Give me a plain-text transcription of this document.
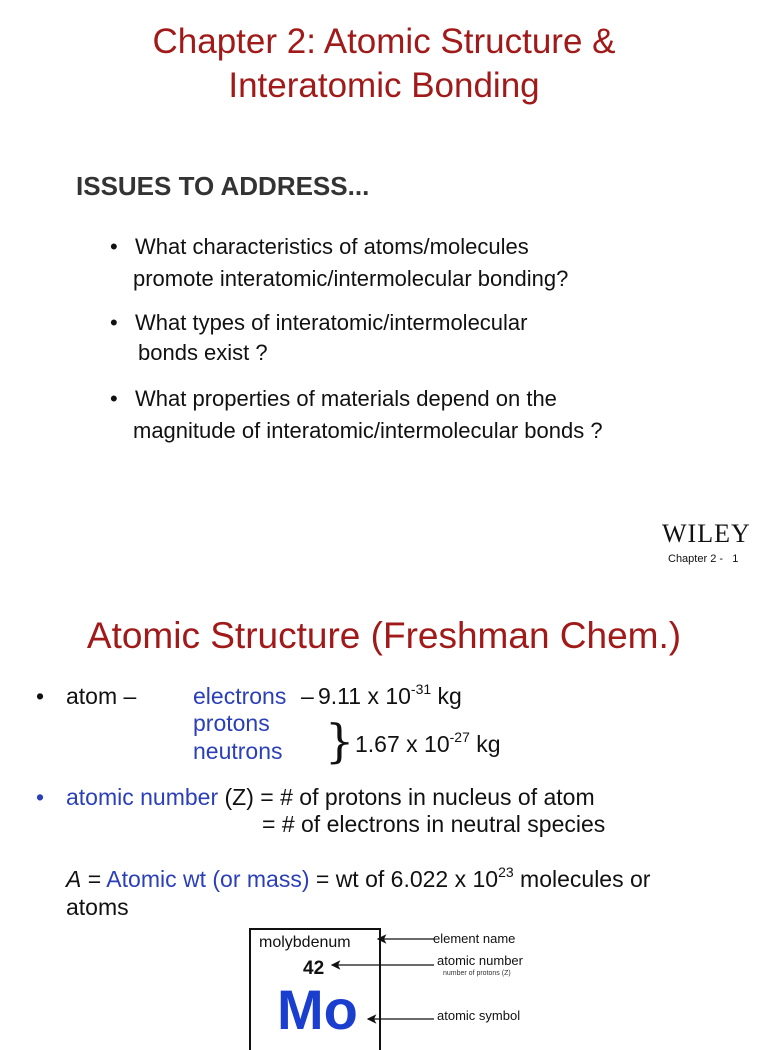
Chapter 2: Atomic Structure &
Interatomic Bonding
ISSUES TO ADDRESS...
• What characteristics of atoms/molecules
promote interatomic/intermolecular bonding?
• What types of interatomic/intermolecular
bonds exist ?
• What properties of materials depend on the
magnitude of interatomic/intermolecular bonds ?
WILEY
Chapter 2 -   1
Atomic Structure (Freshman Chem.)
• atom – electrons – 9.11 x $10^{-31}$ kg
protons
neutrons } 1.67 x $10^{-27}$ kg
• atomic number (Z) = # of protons in nucleus of atom
= # of electrons in neutral species
A = Atomic wt (or mass) = wt of 6.022 x $10^{23}$ molecules or
atoms
molybdenum
42
Mo
element name
atomic number
number of protons (Z)
atomic symbol
